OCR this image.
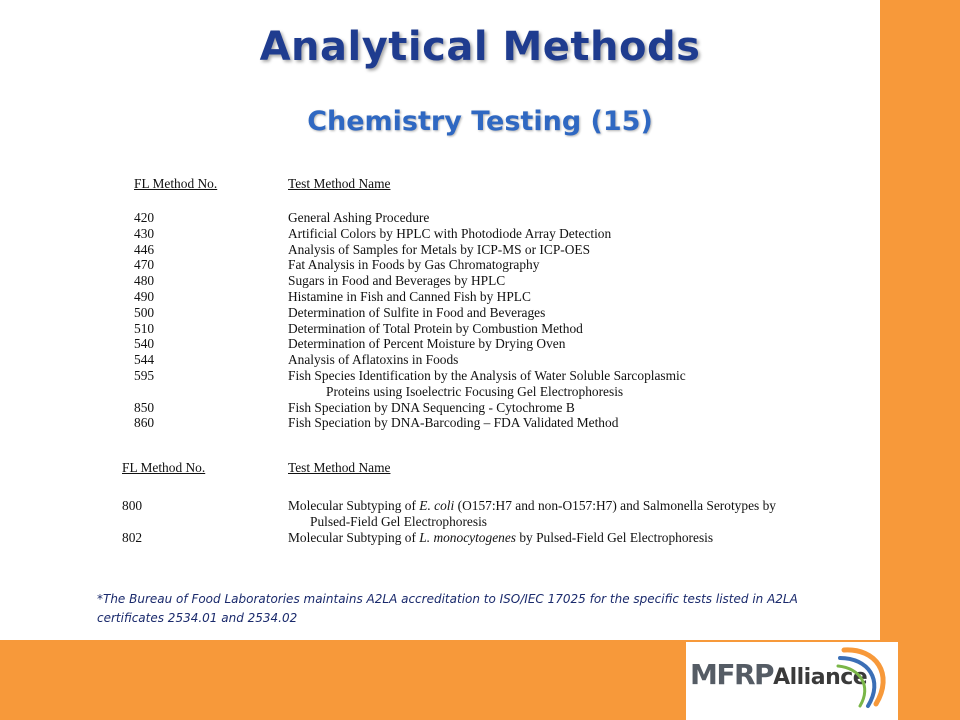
Analytical Methods
Chemistry Testing (15)
FL Method No.	Test Method Name
420	General Ashing Procedure
430	Artificial Colors by HPLC with Photodiode Array Detection
446	Analysis of Samples for Metals by ICP-MS or ICP-OES
470	Fat Analysis in Foods by Gas Chromatography
480	Sugars in Food and Beverages by HPLC
490	Histamine in Fish and Canned Fish by HPLC
500	Determination of Sulfite in Food and Beverages
510	Determination of Total Protein by Combustion Method
540	Determination of Percent Moisture by Drying Oven
544	Analysis of Aflatoxins in Foods
595	Fish Species Identification by the Analysis of Water Soluble Sarcoplasmic
Proteins using Isoelectric Focusing Gel Electrophoresis
850	Fish Speciation by DNA Sequencing - Cytochrome B
860	Fish Speciation by DNA-Barcoding – FDA Validated Method
FL Method No.	Test Method Name
800	Molecular Subtyping of E. coli (O157:H7 and non-O157:H7) and Salmonella Serotypes by
Pulsed-Field Gel Electrophoresis
802	Molecular Subtyping of L. monocytogenes by Pulsed-Field Gel Electrophoresis
*The Bureau of Food Laboratories maintains A2LA accreditation to ISO/IEC 17025 for the specific tests listed in A2LA certificates 2534.01 and 2534.02
MFRPAlliance
